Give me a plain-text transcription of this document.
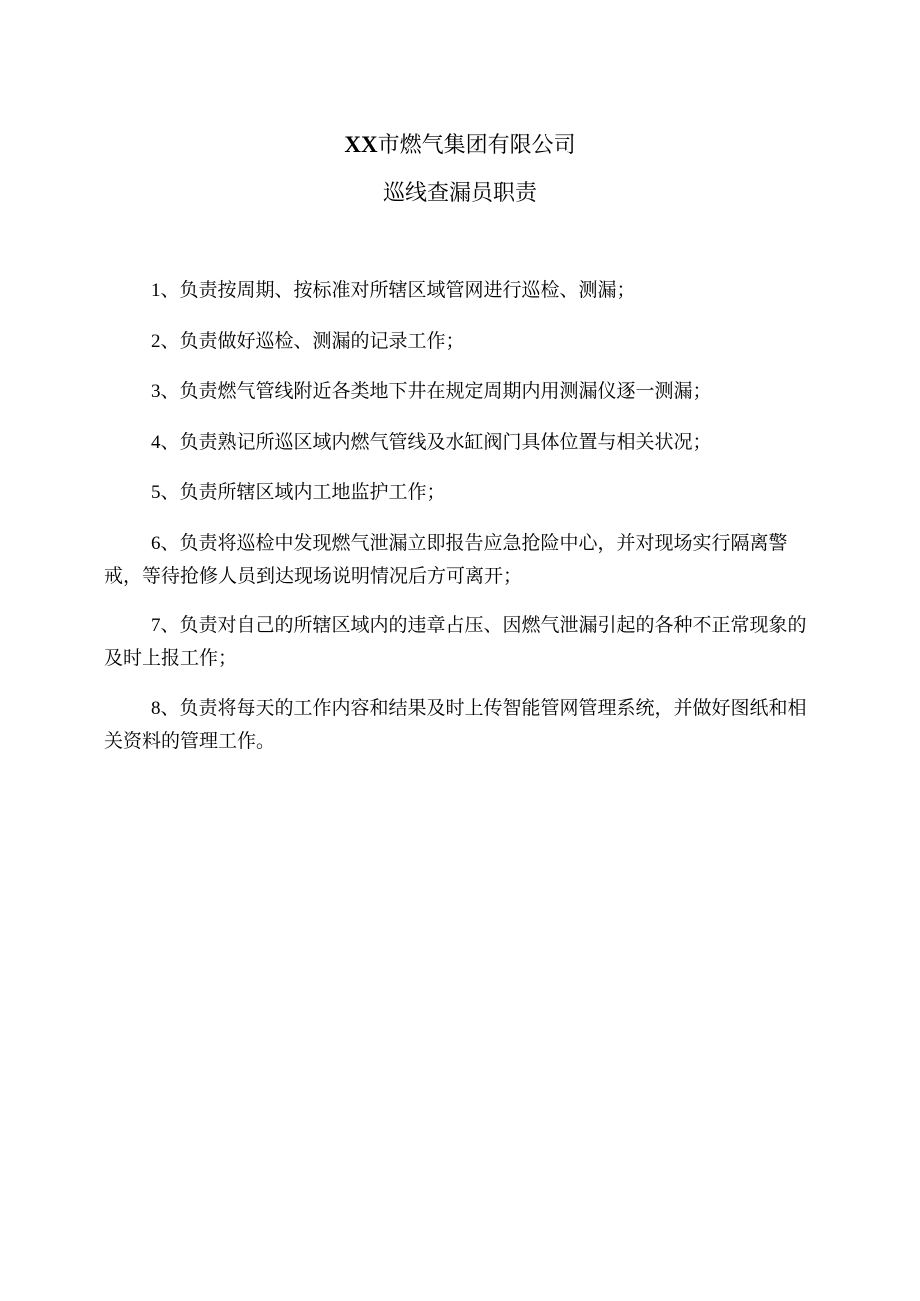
XX市燃气集团有限公司
巡线查漏员职责

1、负责按周期、按标准对所辖区域管网进行巡检、测漏；

2、负责做好巡检、测漏的记录工作；

3、负责燃气管线附近各类地下井在规定周期内用测漏仪逐一测漏；

4、负责熟记所巡区域内燃气管线及水缸阀门具体位置与相关状况；

5、负责所辖区域内工地监护工作；

6、负责将巡检中发现燃气泄漏立即报告应急抢险中心，并对现场实行隔离警戒，等待抢修人员到达现场说明情况后方可离开；

7、负责对自己的所辖区域内的违章占压、因燃气泄漏引起的各种不正常现象的及时上报工作；

8、负责将每天的工作内容和结果及时上传智能管网管理系统，并做好图纸和相关资料的管理工作。
